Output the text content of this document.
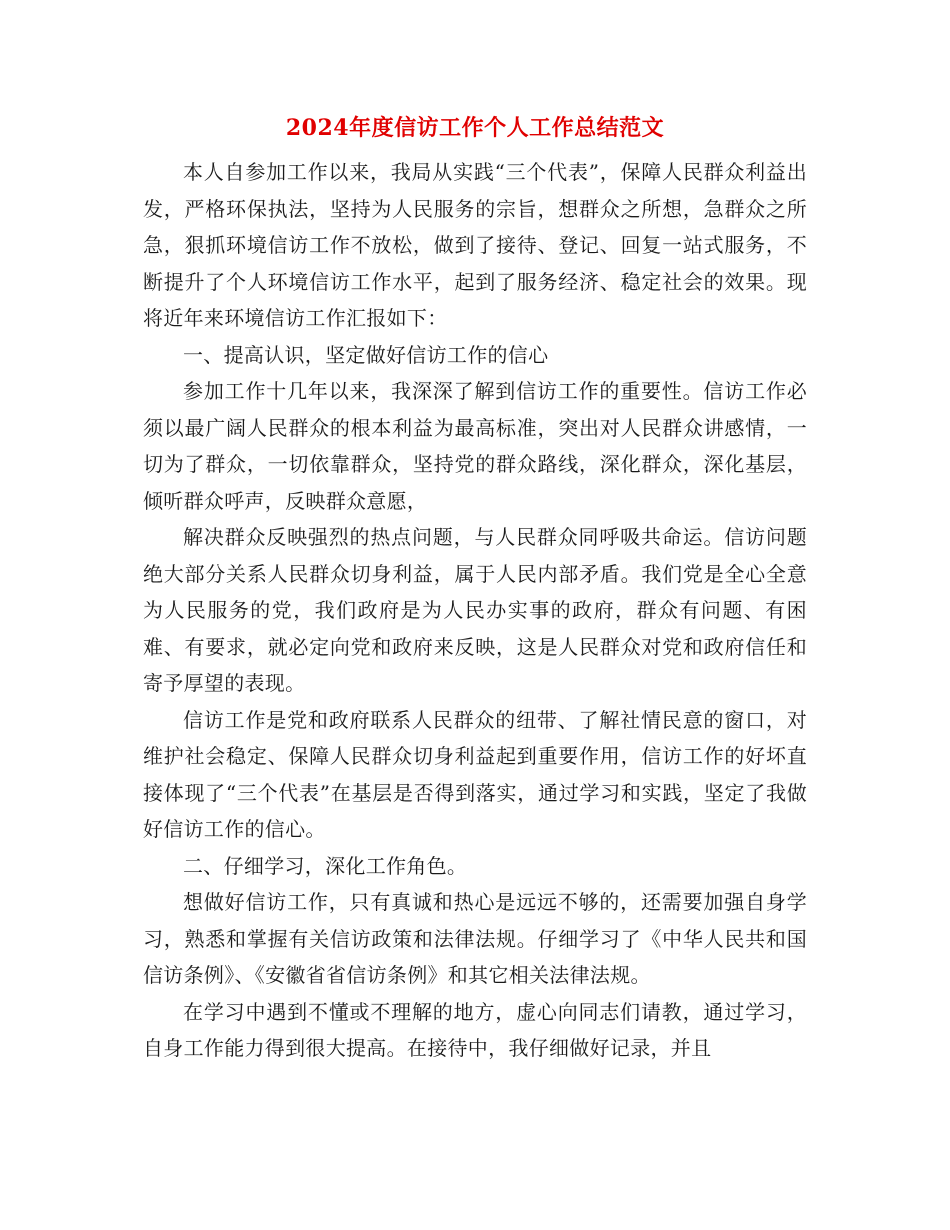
2024年度信访工作个人工作总结范文

本人自参加工作以来，我局从实践“三个代表”，保障人民群众利益出发，严格环保执法，坚持为人民服务的宗旨，想群众之所想，急群众之所急，狠抓环境信访工作不放松，做到了接待、登记、回复一站式服务，不断提升了个人环境信访工作水平，起到了服务经济、稳定社会的效果。现将近年来环境信访工作汇报如下：

一、提高认识，坚定做好信访工作的信心

参加工作十几年以来，我深深了解到信访工作的重要性。信访工作必须以最广阔人民群众的根本利益为最高标准，突出对人民群众讲感情，一切为了群众，一切依靠群众，坚持党的群众路线，深化群众，深化基层，倾听群众呼声，反映群众意愿，

解决群众反映强烈的热点问题，与人民群众同呼吸共命运。信访问题绝大部分关系人民群众切身利益，属于人民内部矛盾。我们党是全心全意为人民服务的党，我们政府是为人民办实事的政府，群众有问题、有困难、有要求，就必定向党和政府来反映，这是人民群众对党和政府信任和寄予厚望的表现。

信访工作是党和政府联系人民群众的纽带、了解社情民意的窗口，对维护社会稳定、保障人民群众切身利益起到重要作用，信访工作的好坏直接体现了“三个代表”在基层是否得到落实，通过学习和实践，坚定了我做好信访工作的信心。

二、仔细学习，深化工作角色。

想做好信访工作，只有真诚和热心是远远不够的，还需要加强自身学习，熟悉和掌握有关信访政策和法律法规。仔细学习了《中华人民共和国信访条例》、《安徽省省信访条例》和其它相关法律法规。

在学习中遇到不懂或不理解的地方，虚心向同志们请教，通过学习，自身工作能力得到很大提高。在接待中，我仔细做好记录，并且
